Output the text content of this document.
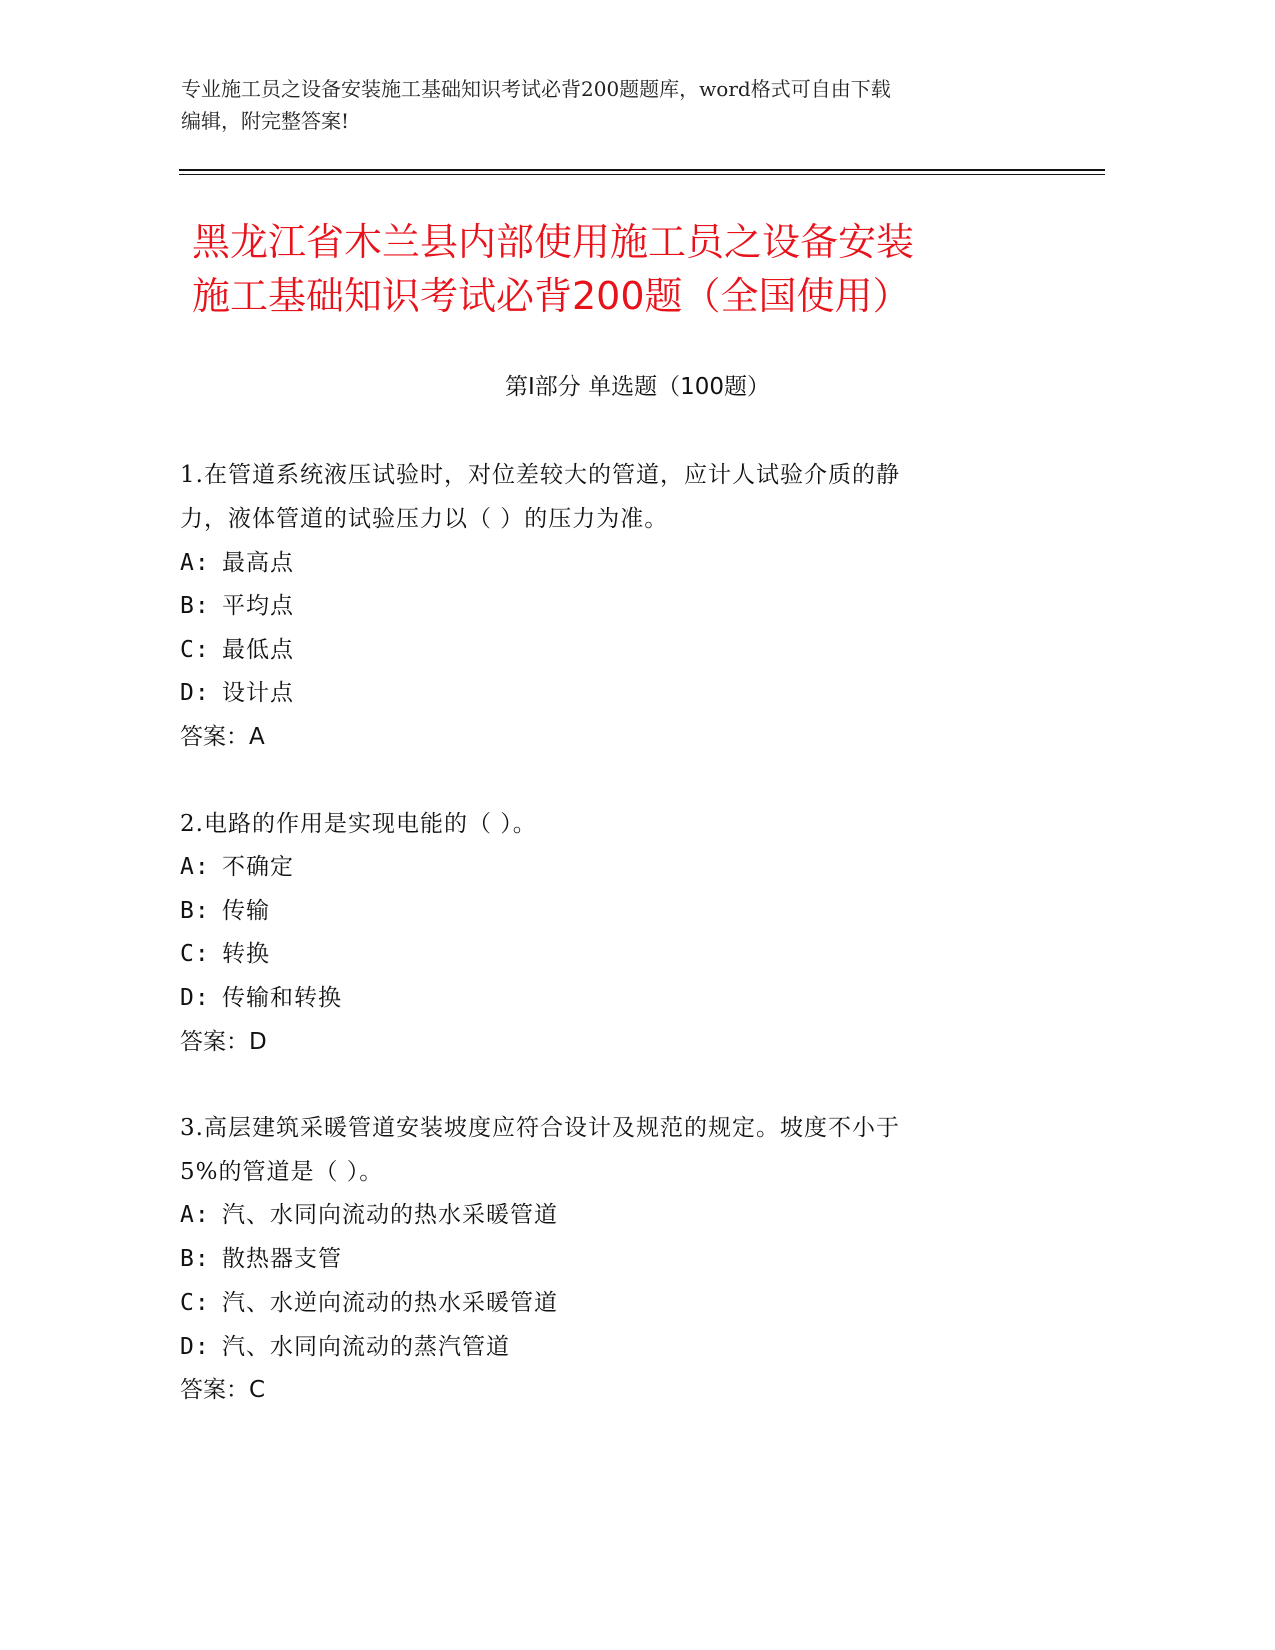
专业施工员之设备安装施工基础知识考试必背200题题库，word格式可自由下载
编辑，附完整答案!
黑龙江省木兰县内部使用施工员之设备安装
施工基础知识考试必背200题（全国使用）
第I部分 单选题（100题）
1.在管道系统液压试验时，对位差较大的管道，应计人试验介质的静
力，液体管道的试验压力以（ ）的压力为准。
A: 最高点
B: 平均点
C: 最低点
D: 设计点
答案：A
2.电路的作用是实现电能的（ ）。
A: 不确定
B: 传输
C: 转换
D: 传输和转换
答案：D
3.高层建筑采暖管道安装坡度应符合设计及规范的规定。坡度不小于
5%的管道是（ ）。
A: 汽、水同向流动的热水采暖管道
B: 散热器支管
C: 汽、水逆向流动的热水采暖管道
D: 汽、水同向流动的蒸汽管道
答案：C
